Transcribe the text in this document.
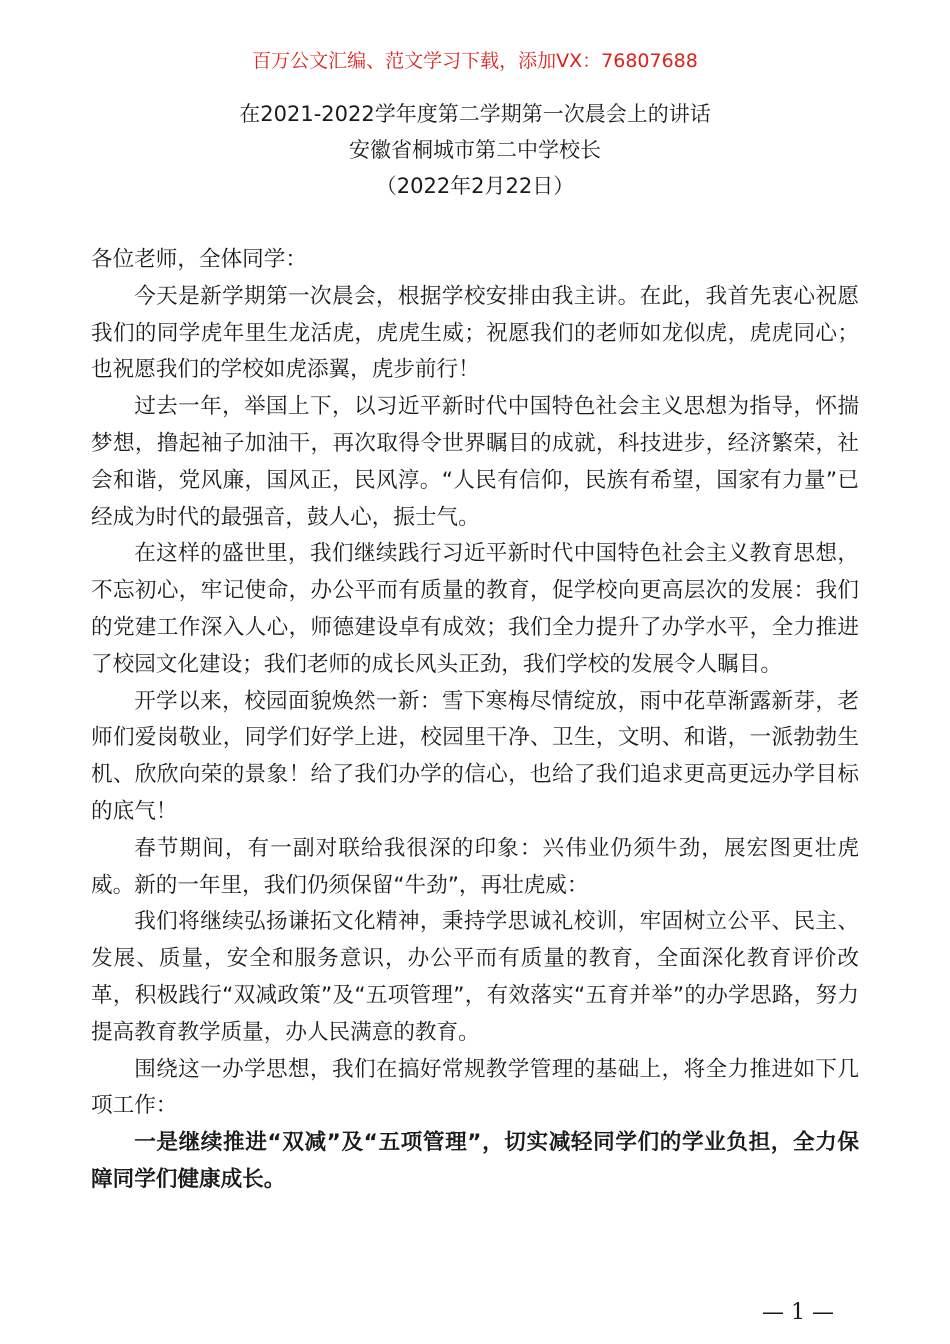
百万公文汇编、范文学习下载，添加VX：76807688
在2021-2022学年度第二学期第一次晨会上的讲话
安徽省桐城市第二中学校长
（2022年2月22日）

各位老师，全体同学：

今天是新学期第一次晨会，根据学校安排由我主讲。在此，我首先衷心祝愿我们的同学虎年里生龙活虎，虎虎生威；祝愿我们的老师如龙似虎，虎虎同心；也祝愿我们的学校如虎添翼，虎步前行！

过去一年，举国上下，以习近平新时代中国特色社会主义思想为指导，怀揣梦想，撸起袖子加油干，再次取得令世界瞩目的成就，科技进步，经济繁荣，社会和谐，党风廉，国风正，民风淳。“人民有信仰，民族有希望，国家有力量”已经成为时代的最强音，鼓人心，振士气。

在这样的盛世里，我们继续践行习近平新时代中国特色社会主义教育思想，不忘初心，牢记使命，办公平而有质量的教育，促学校向更高层次的发展：我们的党建工作深入人心，师德建设卓有成效；我们全力提升了办学水平，全力推进了校园文化建设；我们老师的成长风头正劲，我们学校的发展令人瞩目。

开学以来，校园面貌焕然一新：雪下寒梅尽情绽放，雨中花草渐露新芽，老师们爱岗敬业，同学们好学上进，校园里干净、卫生，文明、和谐，一派勃勃生机、欣欣向荣的景象！给了我们办学的信心，也给了我们追求更高更远办学目标的底气！

春节期间，有一副对联给我很深的印象：兴伟业仍须牛劲，展宏图更壮虎威。新的一年里，我们仍须保留“牛劲”，再壮虎威：

我们将继续弘扬谦拓文化精神，秉持学思诚礼校训，牢固树立公平、民主、发展、质量，安全和服务意识，办公平而有质量的教育，全面深化教育评价改革，积极践行“双减政策”及“五项管理”，有效落实“五育并举”的办学思路，努力提高教育教学质量，办人民满意的教育。

围绕这一办学思想，我们在搞好常规教学管理的基础上，将全力推进如下几项工作：

一是继续推进“双减”及“五项管理”，切实减轻同学们的学业负担，全力保障同学们健康成长。

— 1 —
